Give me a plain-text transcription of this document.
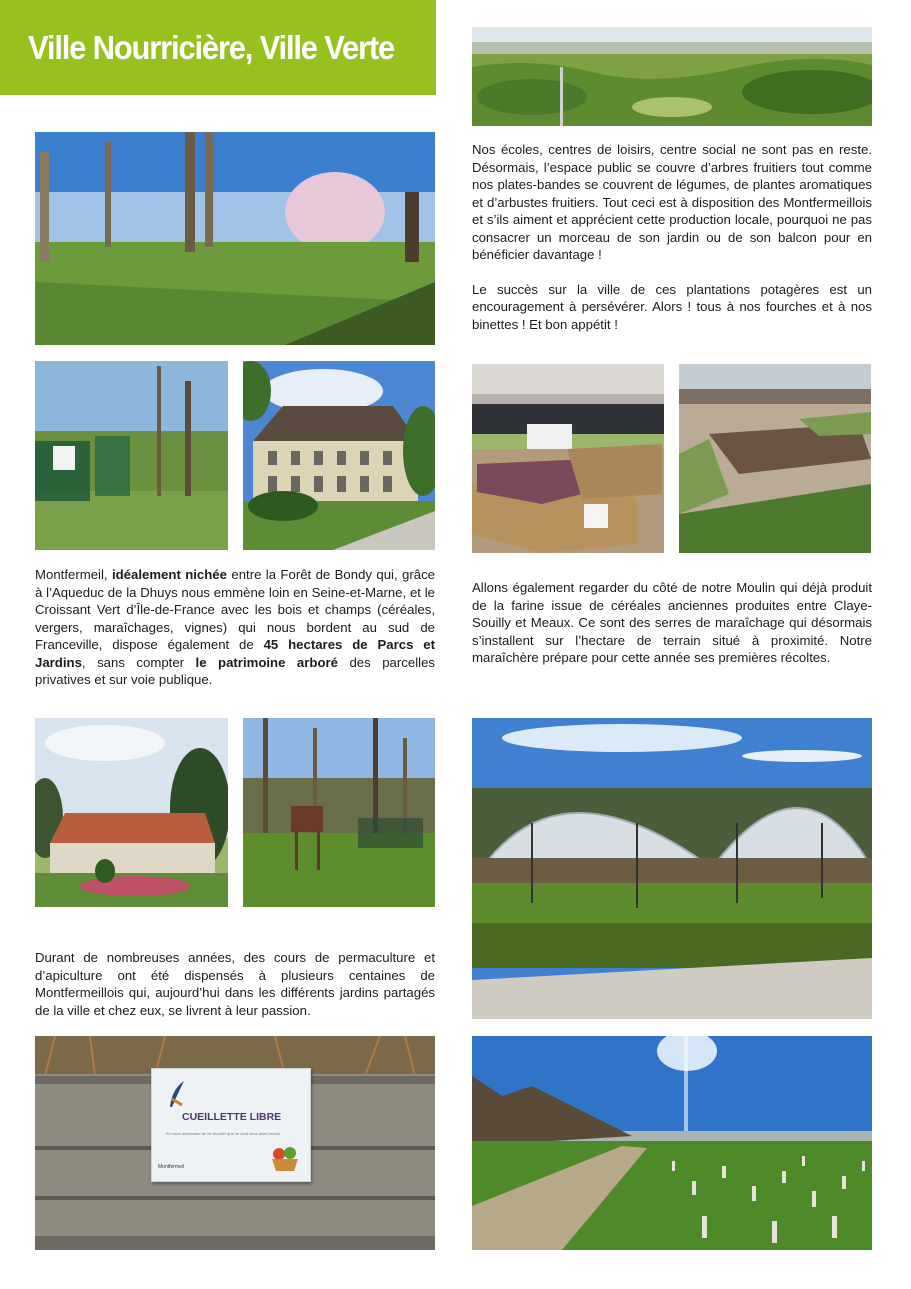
Ville Nourricière, Ville Verte

Nos écoles, centres de loisirs, centre social ne sont pas en reste. Désormais, l’espace public se couvre d’arbres fruitiers tout comme nos plates-bandes se couvrent de légumes, de plantes aromatiques et d’arbustes fruitiers. Tout ceci est à disposition des Montfermeillois et s’ils aiment et apprécient cette production locale, pourquoi ne pas consacrer un morceau de son jardin ou de son balcon pour en bénéficier davantage !

Le succès sur la ville de ces plantations potagères est un encouragement à persévérer. Alors ! tous à nos fourches et à nos binettes ! Et bon appétit !

Montfermeil, idéalement nichée entre la Forêt de Bondy qui, grâce à l’Aqueduc de la Dhuys nous emmène loin en Seine-et-Marne, et le Croissant Vert d’Île-de-France avec les bois et champs (céréales, vergers, maraîchages, vignes) qui nous bordent au sud de Franceville, dispose également de 45 hectares de Parcs et Jardins, sans compter le patrimoine arboré des parcelles privatives et sur voie publique.

Allons également regarder du côté de notre Moulin qui déjà produit de la farine issue de céréales anciennes produites entre Claye-Souilly et Meaux. Ce sont des serres de maraîchage qui désormais s’installent sur l’hectare de terrain situé à proximité. Notre maraîchère prépare pour cette année ses premières récoltes.

Durant de nombreuses années, des cours de permaculture et d’apiculture ont été dispensés à plusieurs centaines de Montfermeillois qui, aujourd’hui dans les différents jardins partagés de la ville et chez eux, se livrent à leur passion.

CUEILLETTE LIBRE
En vous remerciant de ne récolter que ce dont vous avez besoin.
Montfermeil
